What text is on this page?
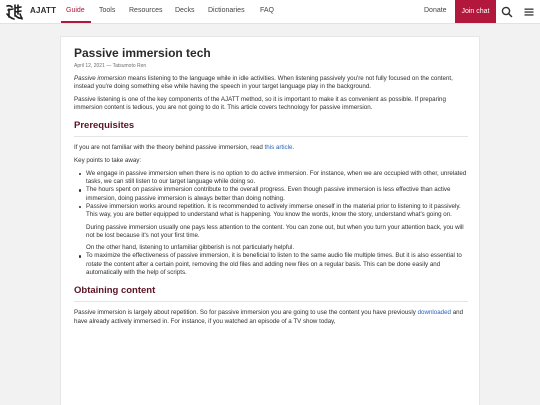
AJATT Guide Tools Resources Decks Dictionaries FAQ	Donate	Join chat
Passive immersion tech
April 12, 2021 — Tatsumoto Ren

Passive immersion means listening to the language while in idle activities. When listening passively you're not fully focused on the content, instead you're doing something else while having the speech in your target language play in the background.

Passive listening is one of the key components of the AJATT method, so it is important to make it as convenient as possible. If preparing immersion content is tedious, you are not going to do it. This article covers technology for passive immersion.

Prerequisites

If you are not familiar with the theory behind passive immersion, read this article.

Key points to take away:

We engage in passive immersion when there is no option to do active immersion. For instance, when we are occupied with other, unrelated tasks, we can still listen to our target language while doing so.
The hours spent on passive immersion contribute to the overall progress. Even though passive immersion is less effective than active immersion, doing passive immersion is always better than doing nothing.
Passive immersion works around repetition. It is recommended to actively immerse oneself in the material prior to listening to it passively. This way, you are better equipped to understand what is happening. You know the words, know the story, understand what's going on.

During passive immersion usually one pays less attention to the content. You can zone out, but when you turn your attention back, you will not be lost because it's not your first time.

On the other hand, listening to unfamiliar gibberish is not particularly helpful.

To maximize the effectiveness of passive immersion, it is beneficial to listen to the same audio file multiple times. But it is also essential to rotate the content after a certain point, removing the old files and adding new files on a regular basis. This can be done easily and automatically with the help of scripts.
Obtaining content

Passive immersion is largely about repetition. So for passive immersion you are going to use the content you have previously downloaded and have already actively immersed in. For instance, if you watched an episode of a TV show today,
